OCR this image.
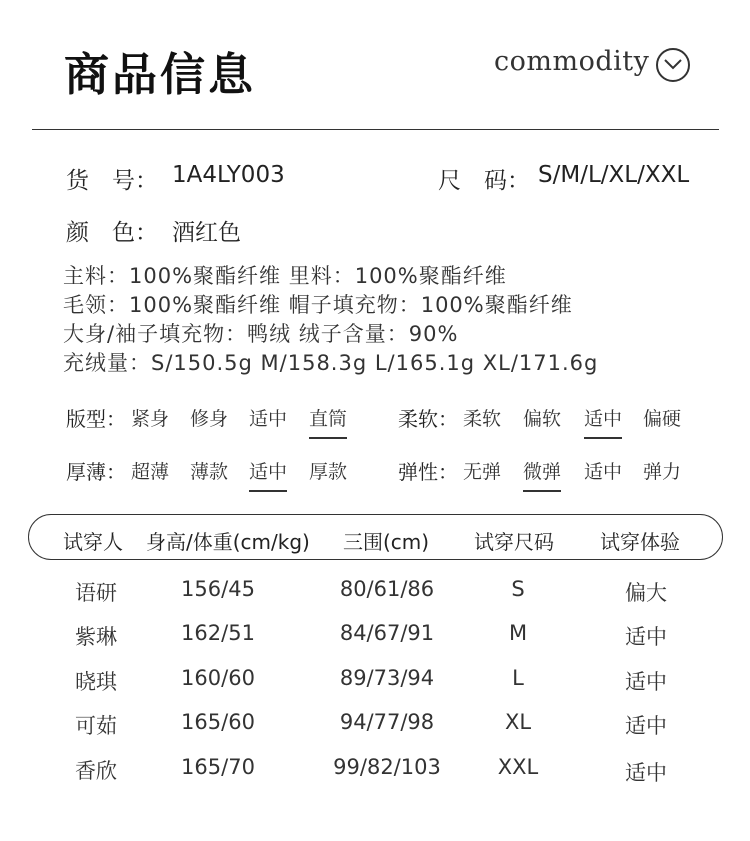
商品信息	commodity
货　号： 1A4LY003	尺　码： S/M/L/XL/XXL
颜　色： 酒红色
主料：100%聚酯纤维 里料：100%聚酯纤维
毛领：100%聚酯纤维 帽子填充物：100%聚酯纤维
大身/袖子填充物：鸭绒 绒子含量：90%
充绒量：S/150.5g M/158.3g L/165.1g XL/171.6g
版型： 紧身 修身 适中 直筒	柔软： 柔软 偏软 适中 偏硬
厚薄： 超薄 薄款 适中 厚款	弹性： 无弹 微弹 适中 弹力
试穿人 身高/体重(cm/kg) 三围(cm) 试穿尺码 试穿体验
语研	156/45	80/61/86	S	偏大
紫琳	162/51	84/67/91	M	适中
晓琪	160/60	89/73/94	L	适中
可茹	165/60	94/77/98	XL	适中
香欣	165/70	99/82/103	XXL	适中
